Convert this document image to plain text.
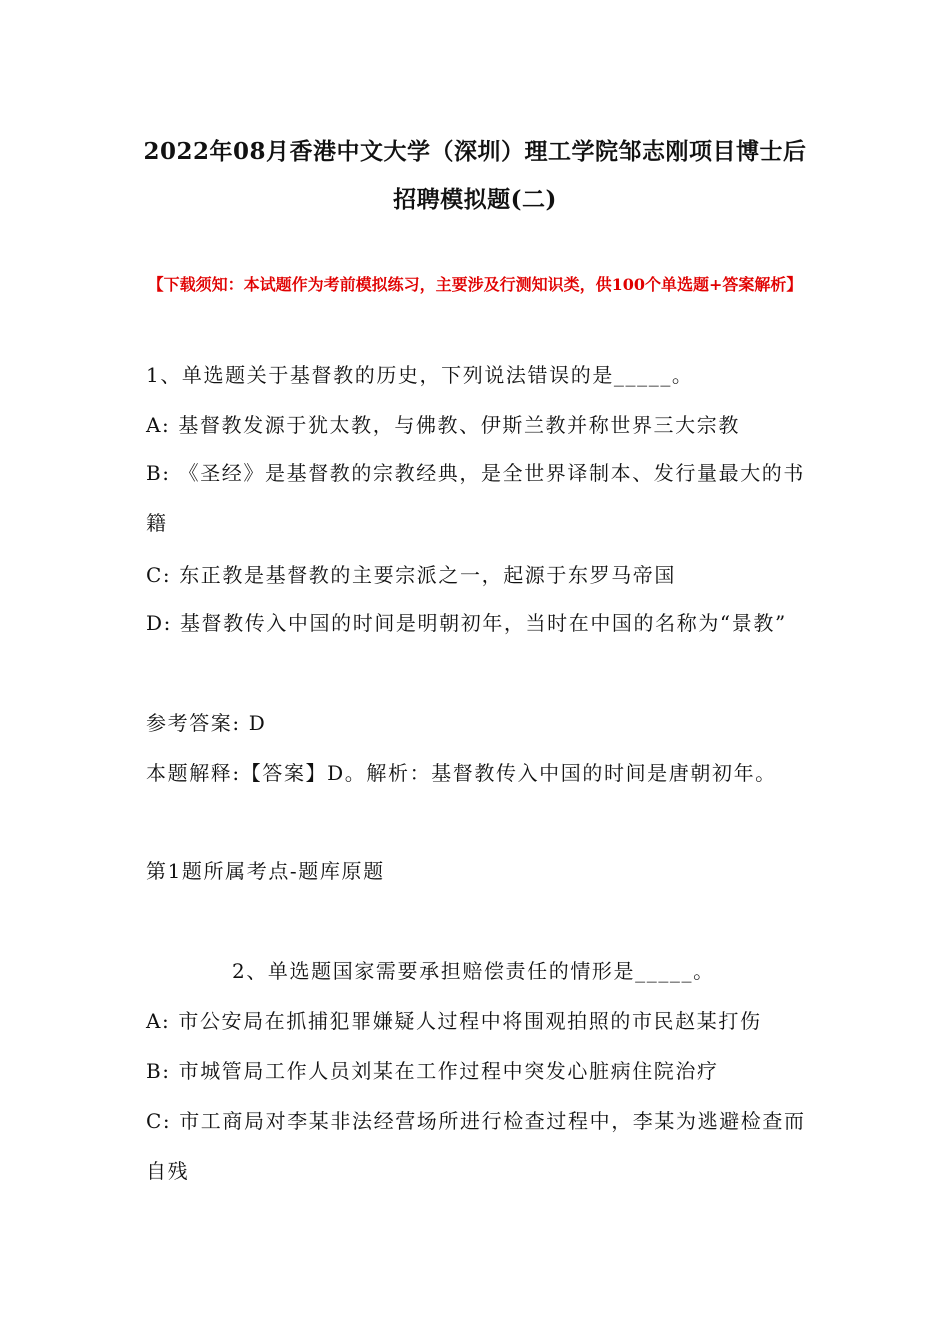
2022年08月香港中文大学（深圳）理工学院邹志刚项目博士后
招聘模拟题(二)
【下载须知：本试题作为考前模拟练习，主要涉及行测知识类，供100个单选题+答案解析】
1、单选题关于基督教的历史，下列说法错误的是_____。
A: 基督教发源于犹太教，与佛教、伊斯兰教并称世界三大宗教
B: 《圣经》是基督教的宗教经典，是全世界译制本、发行量最大的书籍
C: 东正教是基督教的主要宗派之一，起源于东罗马帝国
D: 基督教传入中国的时间是明朝初年，当时在中国的名称为“景教”
参考答案: D
本题解释:【答案】D。解析：基督教传入中国的时间是唐朝初年。
第1题所属考点-题库原题
2、单选题国家需要承担赔偿责任的情形是_____。
A: 市公安局在抓捕犯罪嫌疑人过程中将围观拍照的市民赵某打伤
B: 市城管局工作人员刘某在工作过程中突发心脏病住院治疗
C: 市工商局对李某非法经营场所进行检查过程中，李某为逃避检查而自残
